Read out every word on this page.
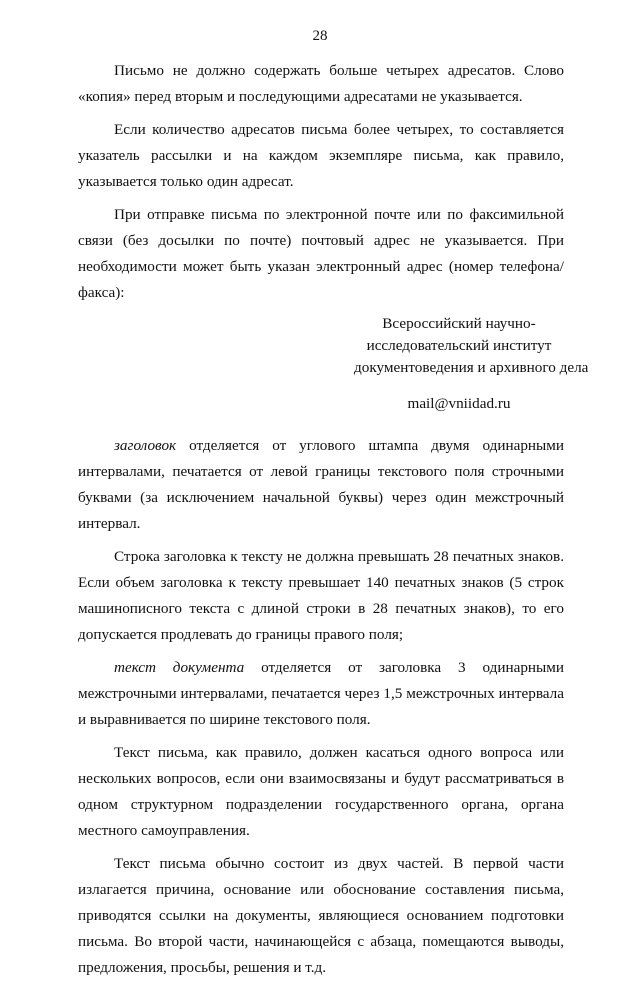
28

Письмо не должно содержать больше четырех адресатов. Слово «копия» перед вторым и последующими адресатами не указывается.

Если количество адресатов письма более четырех, то составляется указатель рассылки и на каждом экземпляре письма, как правило, указывается только один адресат.

При отправке письма по электронной почте или по факсимильной связи (без досылки по почте) почтовый адрес не указывается. При необходимости может быть указан электронный адрес (номер телефона/факса):

Всероссийский научно-
исследовательский институт
документоведения и архивного дела
mail@vniidad.ru

заголовок отделяется от углового штампа двумя одинарными интервалами, печатается от левой границы текстового поля строчными буквами (за исключением начальной буквы) через один межстрочный интервал.

Строка заголовка к тексту не должна превышать 28 печатных знаков. Если объем заголовка к тексту превышает 140 печатных знаков (5 строк машинописного текста с длиной строки в 28 печатных знаков), то его допускается продлевать до границы правого поля;

текст документа отделяется от заголовка 3 одинарными межстрочными интервалами, печатается через 1,5 межстрочных интервала и выравнивается по ширине текстового поля.

Текст письма, как правило, должен касаться одного вопроса или нескольких вопросов, если они взаимосвязаны и будут рассматриваться в одном структурном подразделении государственного органа, органа местного самоуправления.

Текст письма обычно состоит из двух частей. В первой части излагается причина, основание или обоснование составления письма, приводятся ссылки на документы, являющиеся основанием подготовки письма. Во второй части, начинающейся с абзаца, помещаются выводы, предложения, просьбы, решения и т.д.
